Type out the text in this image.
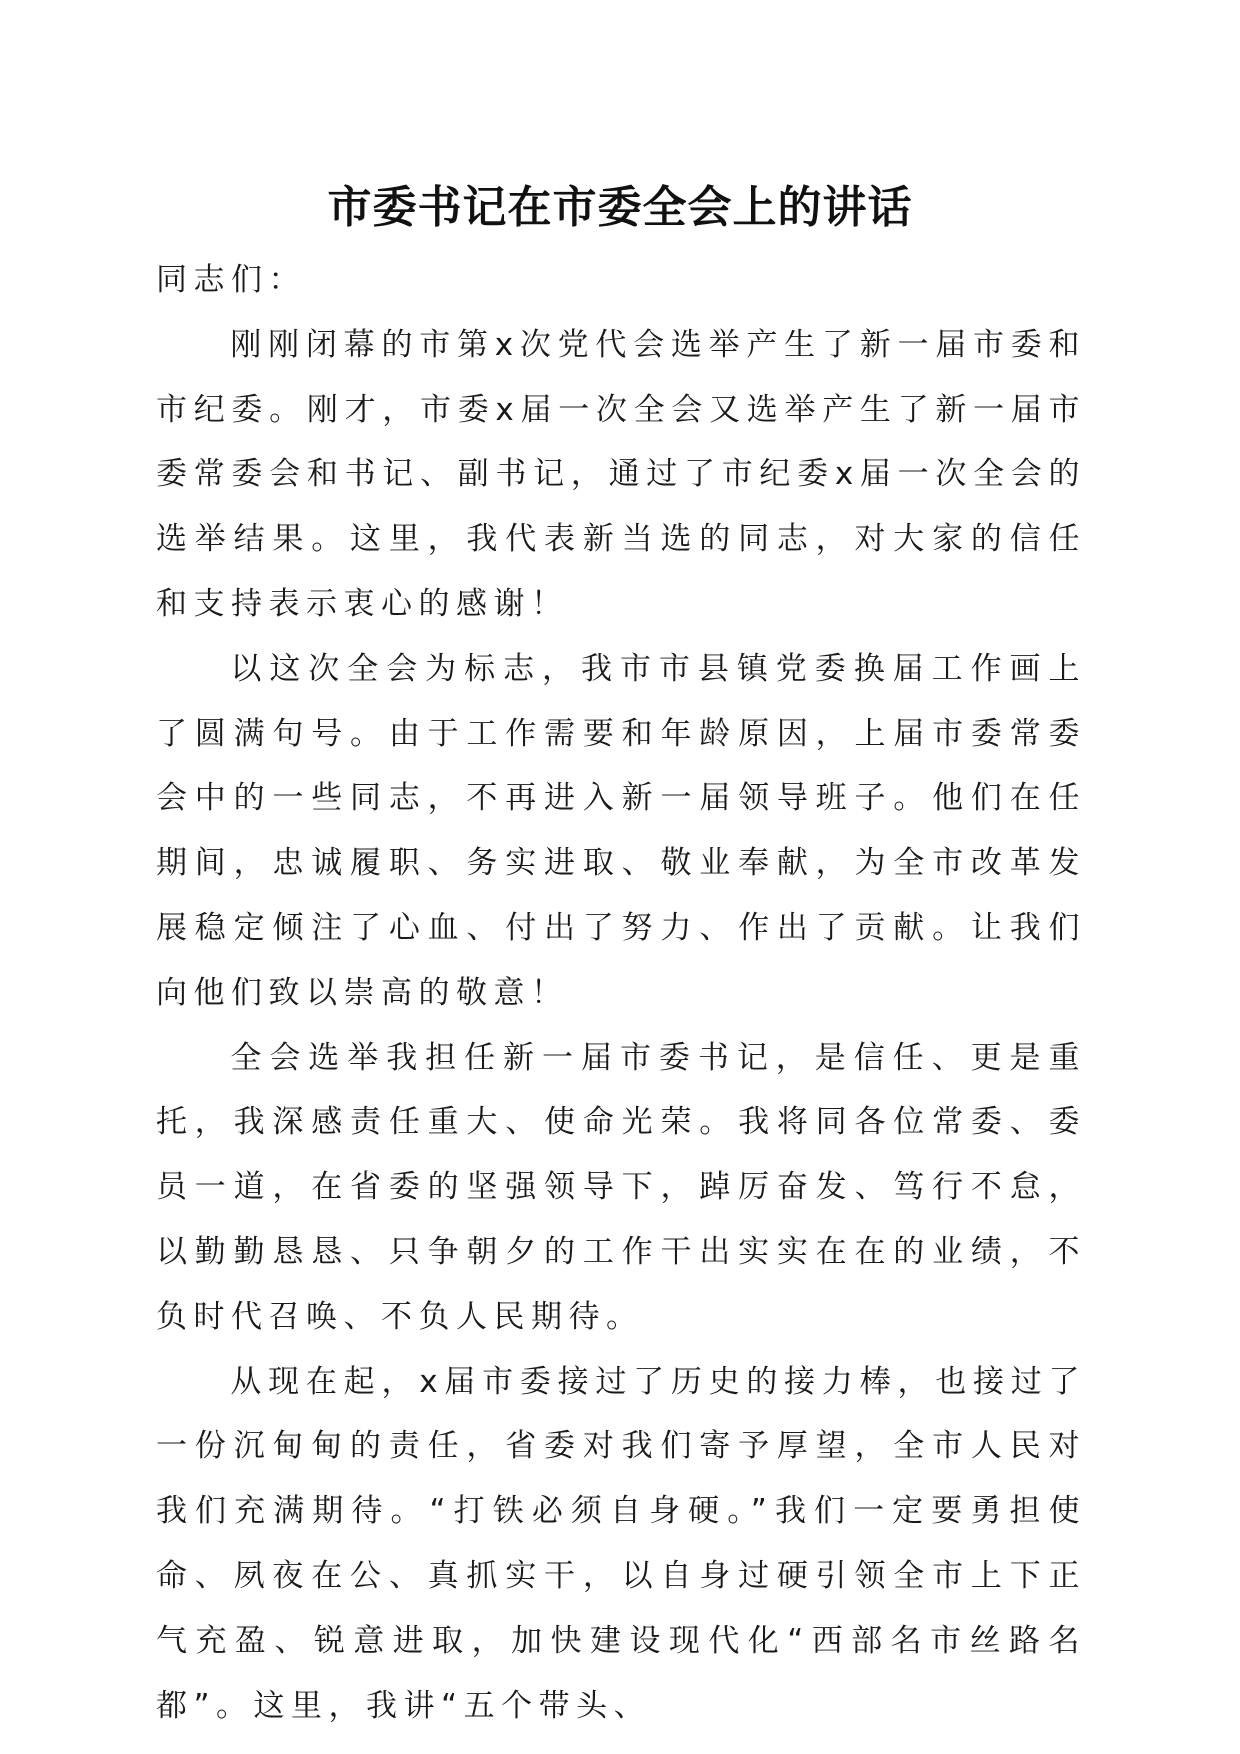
市委书记在市委全会上的讲话

同志们：

刚刚闭幕的市第x次党代会选举产生了新一届市委和市纪委。刚才，市委x届一次全会又选举产生了新一届市委常委会和书记、副书记，通过了市纪委x届一次全会的选举结果。这里，我代表新当选的同志，对大家的信任和支持表示衷心的感谢！

以这次全会为标志，我市市县镇党委换届工作画上了圆满句号。由于工作需要和年龄原因，上届市委常委会中的一些同志，不再进入新一届领导班子。他们在任期间，忠诚履职、务实进取、敬业奉献，为全市改革发展稳定倾注了心血、付出了努力、作出了贡献。让我们向他们致以崇高的敬意！

全会选举我担任新一届市委书记，是信任、更是重托，我深感责任重大、使命光荣。我将同各位常委、委员一道，在省委的坚强领导下，踔厉奋发、笃行不怠，以勤勤恳恳、只争朝夕的工作干出实实在在的业绩，不负时代召唤、不负人民期待。

从现在起，x届市委接过了历史的接力棒，也接过了一份沉甸甸的责任，省委对我们寄予厚望，全市人民对我们充满期待。“打铁必须自身硬。”我们一定要勇担使命、夙夜在公、真抓实干，以自身过硬引领全市上下正气充盈、锐意进取，加快建设现代化“西部名市丝路名都”。这里，我讲“五个带头、
